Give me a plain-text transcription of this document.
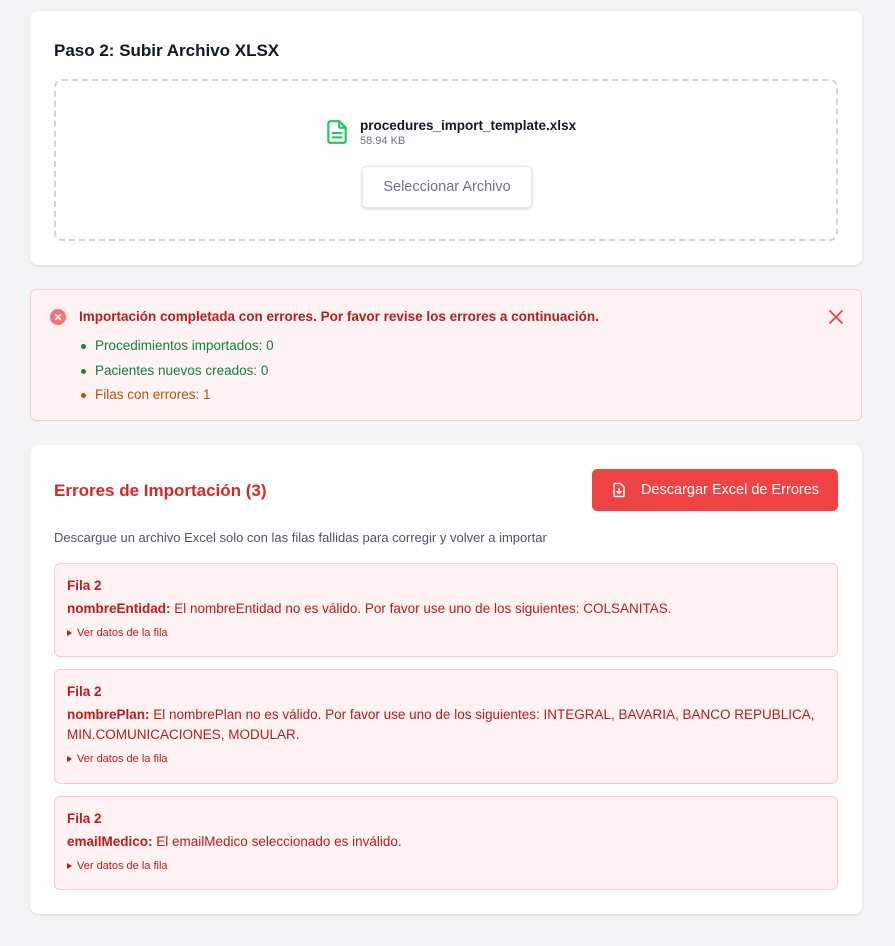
Paso 2: Subir Archivo XLSX
procedures_import_template.xlsx
58.94 KB
Seleccionar Archivo
Importación completada con errores. Por favor revise los errores a continuación.
Procedimientos importados: 0
Pacientes nuevos creados: 0
Filas con errores: 1
Errores de Importación (3)	Descargar Excel de Errores

Descargue un archivo Excel solo con las filas fallidas para corregir y volver a importar

Fila 2
nombreEntidad: El nombreEntidad no es válido. Por favor use uno de los siguientes: COLSANITAS.
Ver datos de la fila
Fila 2
nombrePlan: El nombrePlan no es válido. Por favor use uno de los siguientes: INTEGRAL, BAVARIA, BANCO REPUBLICA, MIN.COMUNICACIONES, MODULAR.
Ver datos de la fila
Fila 2
emailMedico: El emailMedico seleccionado es inválido.
Ver datos de la fila
